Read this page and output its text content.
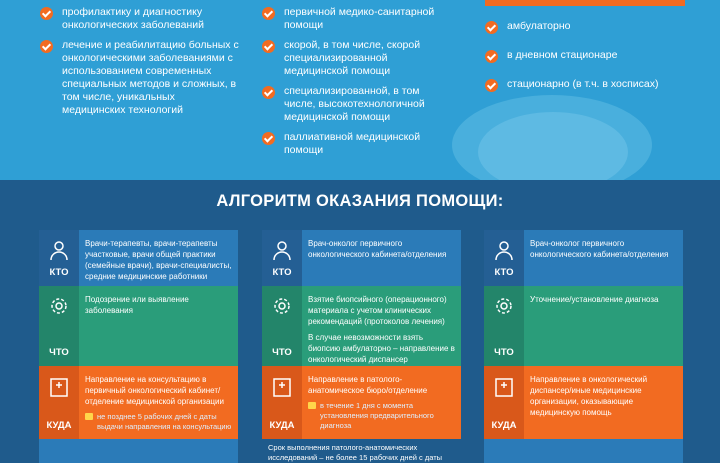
профилактику и диагностику онкологических заболеваний
лечение и реабилитацию больных с онкологическими заболеваниями с использованием современных специальных методов и сложных, в том числе, уникальных медицинских технологий
первичной медико-санитарной помощи
скорой, в том числе, скорой специализированной медицинской помощи
специализированной, в том числе, высокотехнологичной медицинской помощи
паллиативной медицинской помощи
амбулаторно
в дневном стационаре
стационарно (в т.ч. в хосписах)
АЛГОРИТМ ОКАЗАНИЯ ПОМОЩИ:
КТО
Врачи-терапевты, врачи-терапевты участковые, врачи общей практики (семейные врачи), врачи-специалисты, средние медицинские работники
ЧТО
Подозрение или выявление заболевания
КУДА
Направление на консультацию в первичный онкологический кабинет/отделение медицинской организации
не позднее 5 рабочих дней с даты выдачи направления на консультацию
КТО
Врач-онколог первичного онкологического кабинета/отделения
ЧТО
Взятие биопсийного (операционного) материала с учетом клинических рекомендаций (протоколов лечения)
В случае невозможности взять биопсию амбулаторно – направление в онкологический диспансер
КУДА
Направление в патолого-анатомическое бюро/отделение
в течение 1 дня с момента установления предварительного диагноза
КТО
Врач-онколог первичного онкологического кабинета/отделения
ЧТО
Уточнение/установление диагноза
КУДА
Направление в онкологический диспансер/иные медицинские организации, оказывающие медицинскую помощь
Срок выполнения патолого-анатомических исследований – не более 15 рабочих дней с даты
